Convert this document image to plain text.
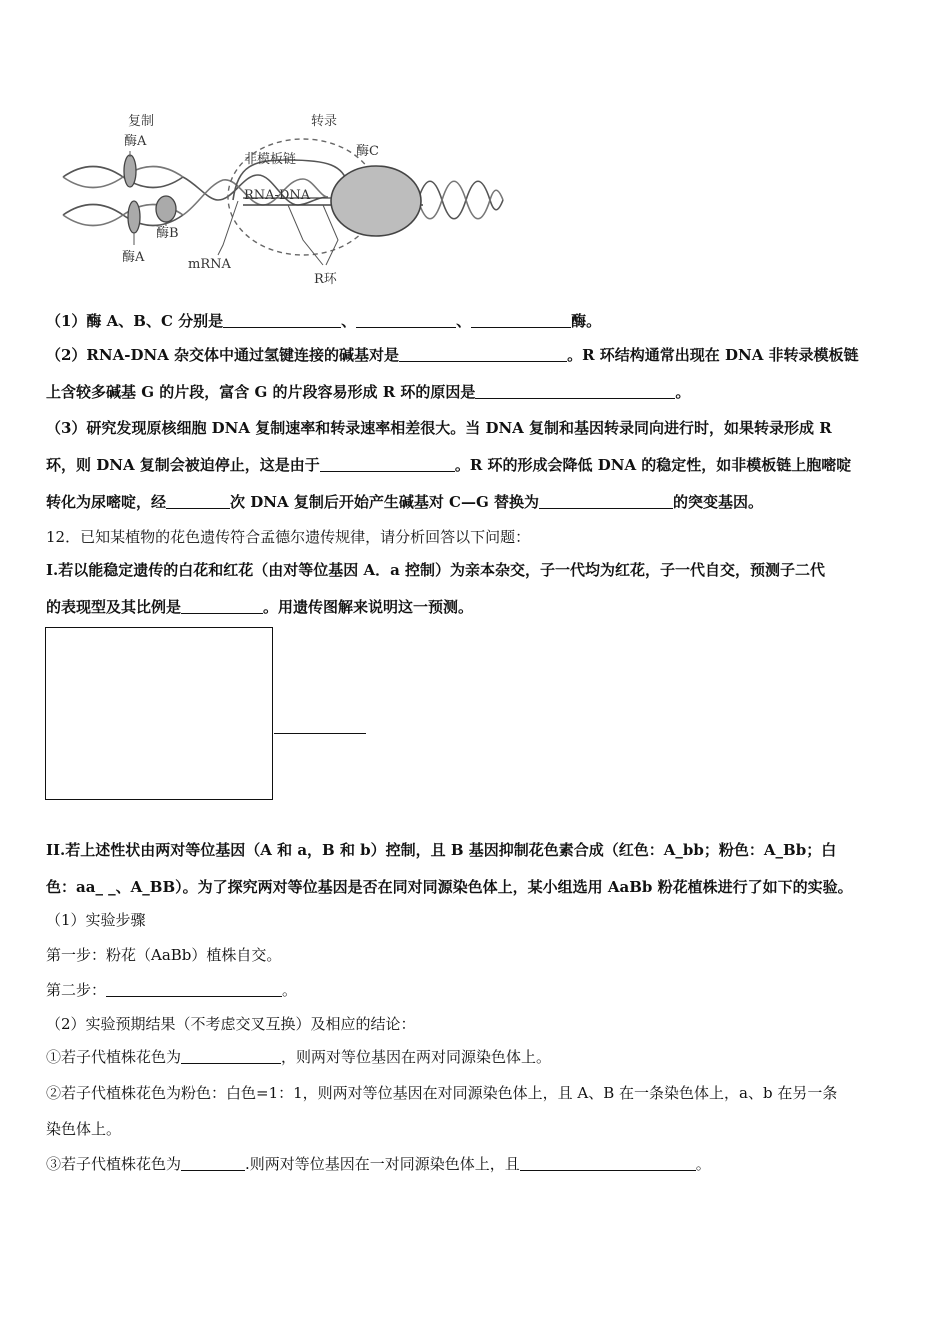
复制
酶A
转录
非模板链
酶C
RNA-DNA
酶B
酶A	mRNA
R环
（1）酶 A、B、C 分别是	、	、	酶。
（2）RNA-DNA 杂交体中通过氢键连接的碱基对是	。R 环结构通常出现在 DNA 非转录模板链
上含较多碱基 G 的片段，富含 G 的片段容易形成 R 环的原因是	。
（3）研究发现原核细胞 DNA 复制速率和转录速率相差很大。当 DNA 复制和基因转录同向进行时，如果转录形成 R
环，则 DNA 复制会被迫停止，这是由于	。R 环的形成会降低 DNA 的稳定性，如非模板链上胞嘧啶
转化为尿嘧啶，经	次 DNA 复制后开始产生碱基对 C—G 替换为	的突变基因。
12．已知某植物的花色遗传符合孟德尔遗传规律，请分析回答以下问题：
I.若以能稳定遗传的白花和红花（由对等位基因 A．a 控制）为亲本杂交，子一代均为红花，子一代自交，预测子二代
的表现型及其比例是	。用遗传图解来说明这一预测。
II.若上述性状由两对等位基因（A 和 a，B 和 b）控制，且 B 基因抑制花色素合成（红色：A_bb；粉色：A_Bb；白
色：aa_ _、A_BB）。为了探究两对等位基因是否在同对同源染色体上，某小组选用 AaBb 粉花植株进行了如下的实验。
（1）实验步骤
第一步：粉花（AaBb）植株自交。
第二步：	。
（2）实验预期结果（不考虑交叉互换）及相应的结论：
①若子代植株花色为	，则两对等位基因在两对同源染色体上。
②若子代植株花色为粉色：白色=1：1，则两对等位基因在对同源染色体上，且 A、B 在一条染色体上，a、b 在另一条
染色体上。
③若子代植株花色为	.则两对等位基因在一对同源染色体上，且	。
